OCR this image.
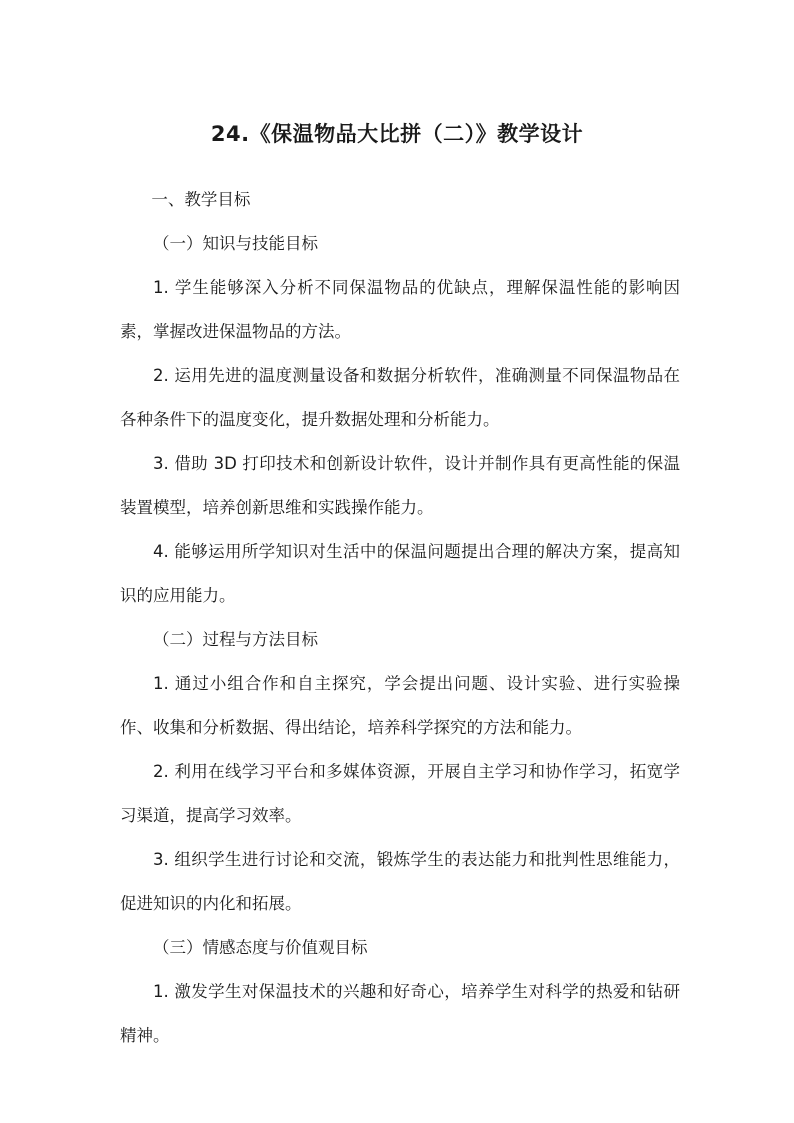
24.《保温物品大比拼（二）》教学设计

一、教学目标

（一）知识与技能目标

1. 学生能够深入分析不同保温物品的优缺点，理解保温性能的影响因素，掌握改进保温物品的方法。

2. 运用先进的温度测量设备和数据分析软件，准确测量不同保温物品在各种条件下的温度变化，提升数据处理和分析能力。

3. 借助 3D 打印技术和创新设计软件，设计并制作具有更高性能的保温装置模型，培养创新思维和实践操作能力。

4. 能够运用所学知识对生活中的保温问题提出合理的解决方案，提高知识的应用能力。

（二）过程与方法目标

1. 通过小组合作和自主探究，学会提出问题、设计实验、进行实验操作、收集和分析数据、得出结论，培养科学探究的方法和能力。

2. 利用在线学习平台和多媒体资源，开展自主学习和协作学习，拓宽学习渠道，提高学习效率。

3. 组织学生进行讨论和交流，锻炼学生的表达能力和批判性思维能力，促进知识的内化和拓展。

（三）情感态度与价值观目标

1. 激发学生对保温技术的兴趣和好奇心，培养学生对科学的热爱和钻研精神。
